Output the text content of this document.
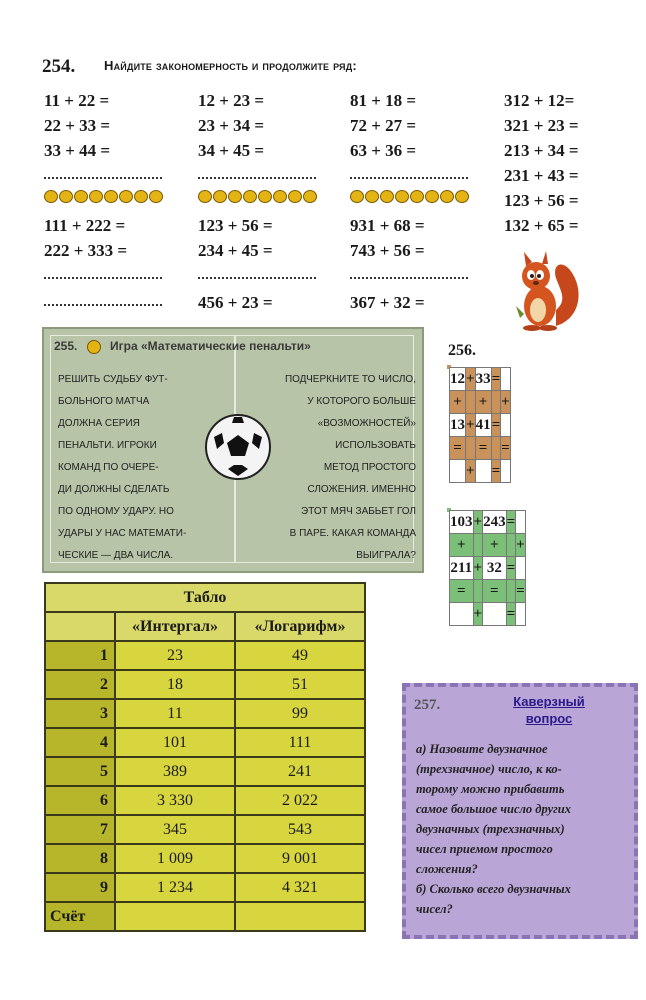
254. Найдите закономерность и продолжите ряд:
11 + 22 =
22 + 33 =
33 + 44 =
111 + 222 =
222 + 333 =
12 + 23 =
23 + 34 =
34 + 45 =
123 + 56 =
234 + 45 =
456 + 23 =
81 + 18 =
72 + 27 =
63 + 36 =
931 + 68 =
743 + 56 =
367 + 32 =
312 + 12=
321 + 23 =
213 + 34 =
231 + 43 =
123 + 56 =
132 + 65 =
255.	Игра «Математические пенальти»
РЕШИТЬ СУДЬБУ ФУТ-
БОЛЬНОГО МАТЧА
ДОЛЖНА СЕРИЯ
ПЕНАЛЬТИ. ИГРОКИ
КОМАНД ПО ОЧЕРЕ-
ДИ ДОЛЖНЫ СДЕЛАТЬ
ПО ОДНОМУ УДАРУ. НО
УДАРЫ У НАС МАТЕМАТИ-
ЧЕСКИЕ — ДВА ЧИСЛА.
ПОДЧЕРКНИТЕ ТО ЧИСЛО,
У КОТОРОГО БОЛЬШЕ
«ВОЗМОЖНОСТЕЙ»
ИСПОЛЬЗОВАТЬ
МЕТОД ПРОСТОГО
СЛОЖЕНИЯ. ИМЕННО
ЭТОТ МЯЧ ЗАБЬЕТ ГОЛ
В ПАРЕ. КАКАЯ КОМАНДА
ВЫИГРАЛА?
256.
12	+	33	=	
+		+		+
13	+	41	=	
=		=		=
	+		=	
103	+	243	=	
+		+		+
211	+	32	=	
=		=		=
	+		=	
Табло		
	«Интергал»	«Логарифм»
1	23	49
2	18	51
3	11	99
4	101	111
5	389	241
6	3 330	2 022
7	345	543
8	1 009	9 001
9	1 234	4 321
Счёт		
257.	Каверзный вопрос
а) Назовите двузначное
(трехзначное) число, к ко-
торому можно прибавить
самое большое число других
двузначных (трехзначных)
чисел приемом простого
сложения?
б) Сколько всего двузначных
чисел?
